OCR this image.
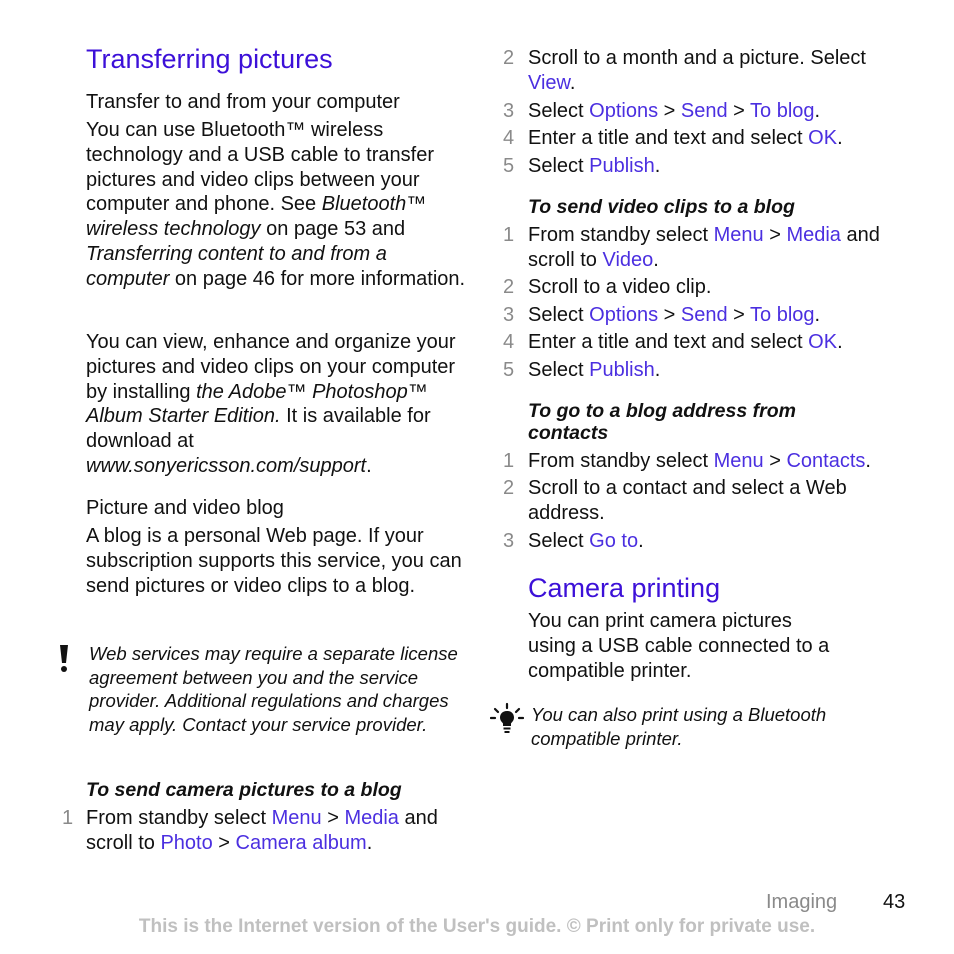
Transferring pictures
Transfer to and from your computer

You can use Bluetooth™ wireless technology and a USB cable to transfer pictures and video clips between your computer and phone. See Bluetooth™ wireless technology on page 53 and Transferring content to and from a computer on page 46 for more information.

You can view, enhance and organize your pictures and video clips on your computer by installing the Adobe™ Photoshop™ Album Starter Edition. It is available for download at www.sonyericsson.com/support.

Picture and video blog

A blog is a personal Web page. If your subscription supports this service, you can send pictures or video clips to a blog.

Web services may require a separate license agreement between you and the service provider. Additional regulations and charges may apply. Contact your service provider.

To send camera pictures to a blog
1 From standby select Menu > Media and scroll to Photo > Camera album.

2 Scroll to a month and a picture. Select View.

3 Select Options > Send > To blog.

4 Enter a title and text and select OK.

5 Select Publish.

To send video clips to a blog
1 From standby select Menu > Media and scroll to Video.

2 Scroll to a video clip.

3 Select Options > Send > To blog.

4 Enter a title and text and select OK.

5 Select Publish.

To go to a blog address from contacts
1 From standby select Menu > Contacts.

2 Scroll to a contact and select a Web address.

3 Select Go to.

Camera printing

You can print camera pictures using a USB cable connected to a compatible printer.

You can also print using a Bluetooth compatible printer.

Imaging 43
This is the Internet version of the User's guide. © Print only for private use.
